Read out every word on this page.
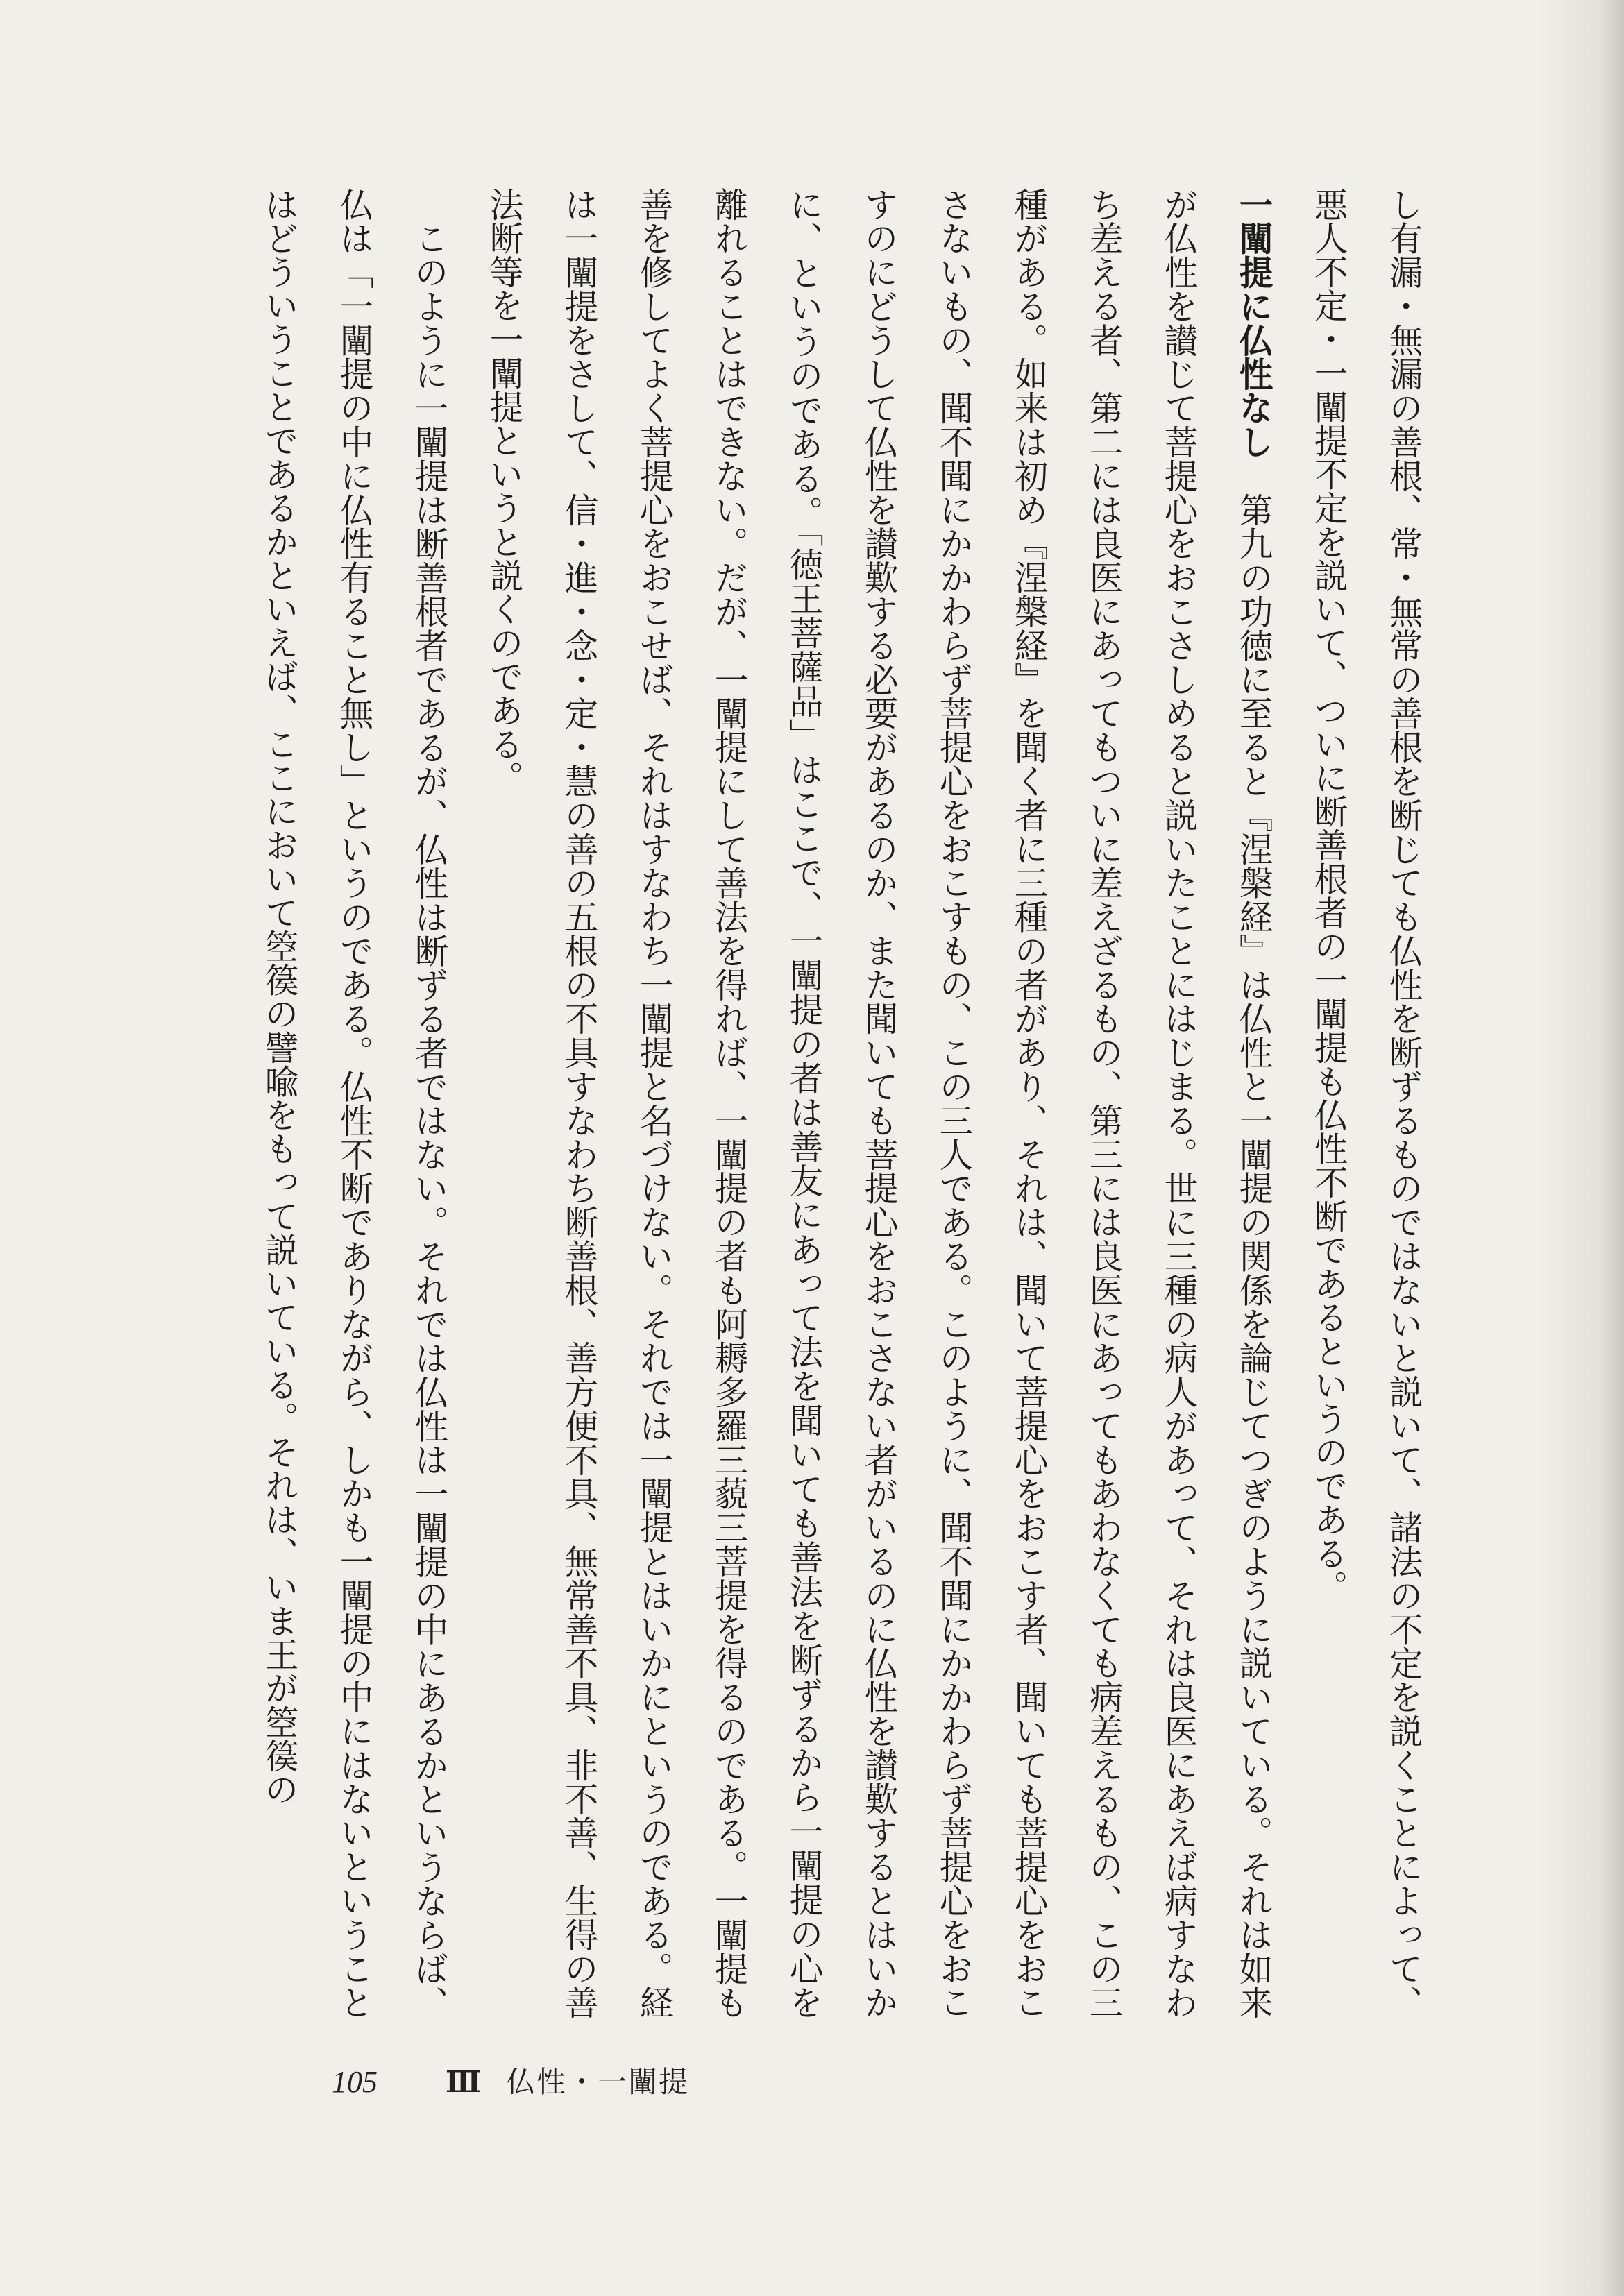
し有漏・無漏の善根、常・無常の善根を断じても仏性を断ずるものではないと説いて、諸法の不定を説くことによって、悪人不定・一闡提不定を説いて、ついに断善根者の一闡提も仏性不断であるというのである。

一闡提に仏性なし　第九の功徳に至ると『涅槃経』は仏性と一闡提の関係を論じてつぎのように説いている。それは如来が仏性を讃じて菩提心をおこさしめると説いたことにはじまる。世に三種の病人があって、それは良医にあえば病すなわち差える者、第二には良医にあってもついに差えざるもの、第三には良医にあってもあわなくても病差えるもの、この三種がある。如来は初め『涅槃経』を聞く者に三種の者があり、それは、聞いて菩提心をおこす者、聞いても菩提心をおこさないもの、聞不聞にかかわらず菩提心をおこすもの、この三人である。このように、聞不聞にかかわらず菩提心をおこすのにどうして仏性を讃歎する必要があるのか、また聞いても菩提心をおこさない者がいるのに仏性を讃歎するとはいかに、というのである。「徳王菩薩品」はここで、一闡提の者は善友にあって法を聞いても善法を断ずるから一闡提の心を離れることはできない。だが、一闡提にして善法を得れば、一闡提の者も阿耨多羅三藐三菩提を得るのである。一闡提も善を修してよく菩提心をおこせば、それはすなわち一闡提と名づけない。それでは一闡提とはいかにというのである。経は一闡提をさして、信・進・念・定・慧の善の五根の不具すなわち断善根、善方便不具、無常善不具、非不善、生得の善法断等を一闡提というと説くのである。

このように一闡提は断善根者であるが、仏性は断ずる者ではない。それでは仏性は一闡提の中にあるかというならば、仏は「一闡提の中に仏性有ること無し」というのである。仏性不断でありながら、しかも一闡提の中にはないということはどういうことであるかといえば、ここにおいて箜篌の譬喩をもって説いている。それは、いま王が箜篌の

105 Ⅲ 仏性・一闡提
